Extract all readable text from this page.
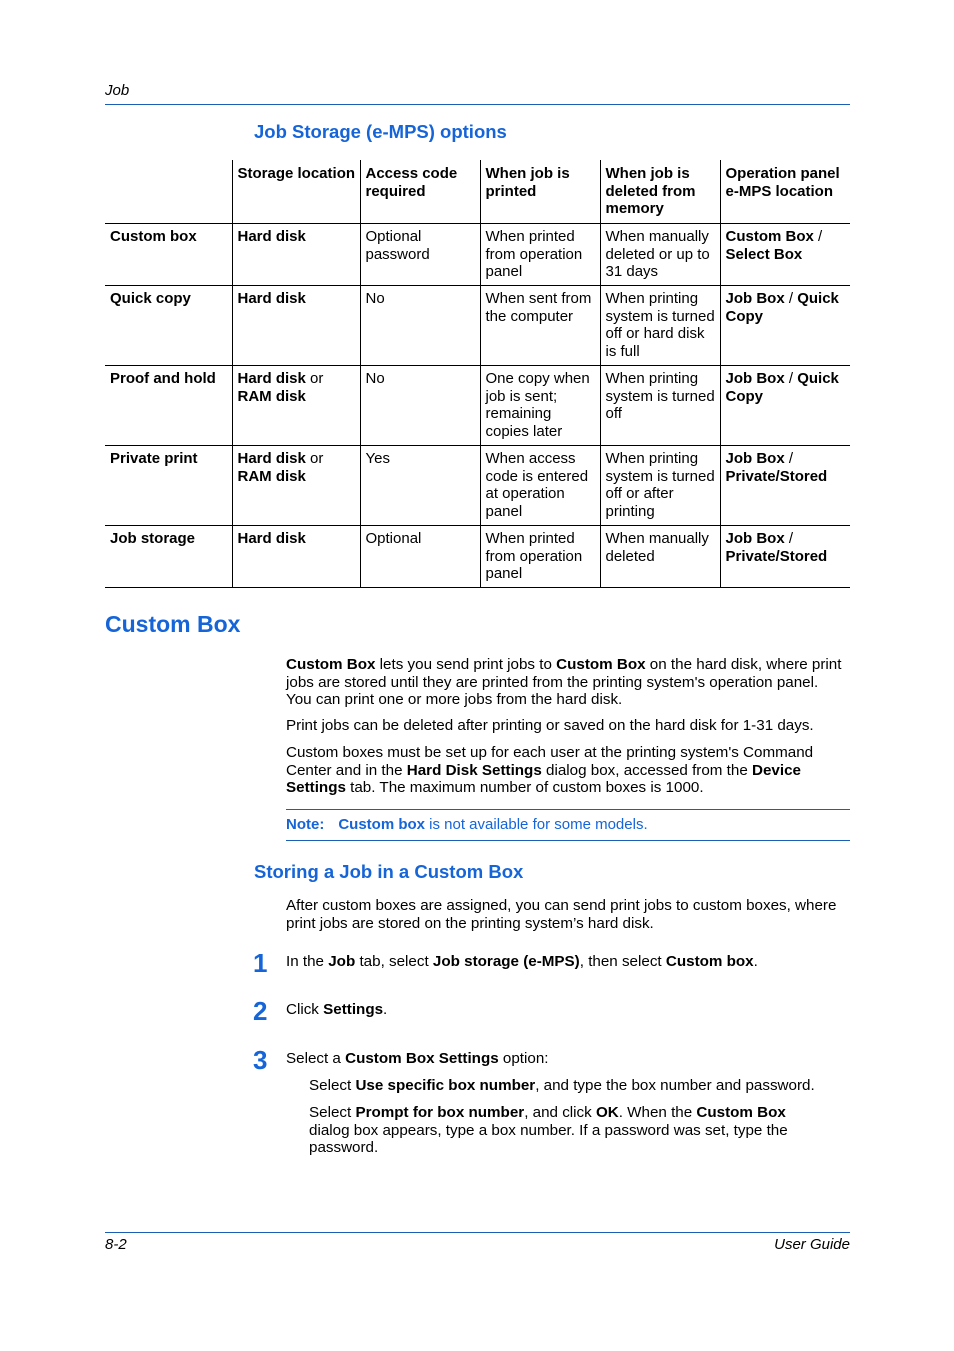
Job
Job Storage (e-MPS) options
	Storage location	Access code required	When job is printed	When job is deleted from memory	Operation panel e-MPS location
Custom box	Hard disk	Optional password	When printed from operation panel	When manually deleted or up to 31 days	Custom Box / Select Box
Quick copy	Hard disk	No	When sent from the computer	When printing system is turned off or hard disk is full	Job Box / Quick Copy
Proof and hold	Hard disk or RAM disk	No	One copy when job is sent; remaining copies later	When printing system is turned off	Job Box / Quick Copy
Private print	Hard disk or RAM disk	Yes	When access code is entered at operation panel	When printing system is turned off or after printing	Job Box / Private/Stored
Job storage	Hard disk	Optional	When printed from operation panel	When manually deleted	Job Box / Private/Stored
Custom Box
Custom Box lets you send print jobs to Custom Box on the hard disk, where print jobs are stored until they are printed from the printing system's operation panel. You can print one or more jobs from the hard disk.
Print jobs can be deleted after printing or saved on the hard disk for 1-31 days.
Custom boxes must be set up for each user at the printing system's Command Center and in the Hard Disk Settings dialog box, accessed from the Device Settings tab. The maximum number of custom boxes is 1000.
Note: Custom box is not available for some models.
Storing a Job in a Custom Box
After custom boxes are assigned, you can send print jobs to custom boxes, where print jobs are stored on the printing system’s hard disk.
1 In the Job tab, select Job storage (e-MPS), then select Custom box.
2 Click Settings.
3 Select a Custom Box Settings option:
Select Use specific box number, and type the box number and password.
Select Prompt for box number, and click OK. When the Custom Box dialog box appears, type a box number. If a password was set, type the password.
8-2	User Guide
